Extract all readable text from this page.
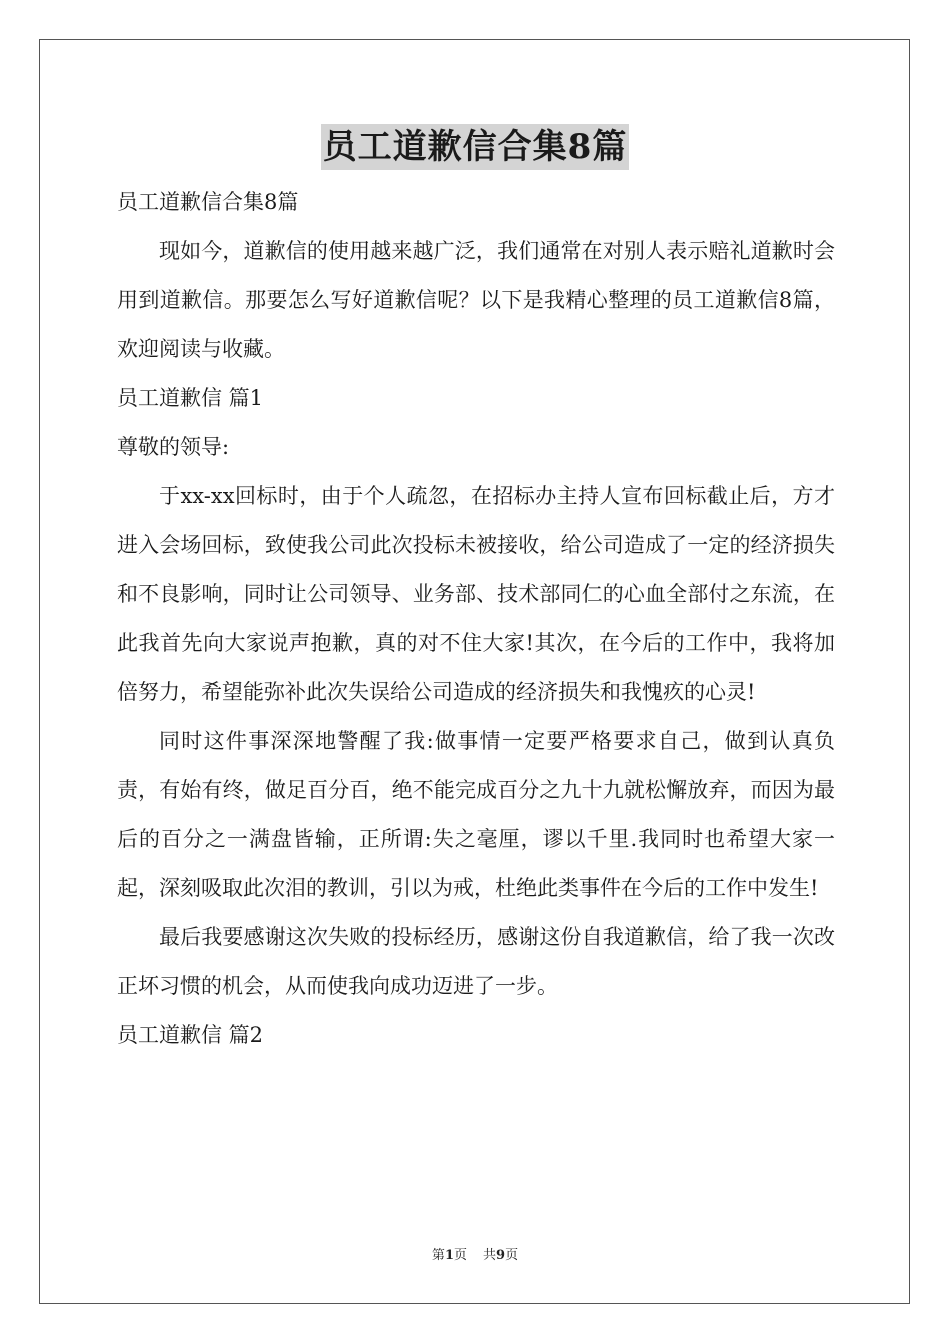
员工道歉信合集8篇

员工道歉信合集8篇

现如今，道歉信的使用越来越广泛，我们通常在对别人表示赔礼道歉时会用到道歉信。那要怎么写好道歉信呢？以下是我精心整理的员工道歉信8篇，欢迎阅读与收藏。

员工道歉信 篇1

尊敬的领导:

于xx-xx回标时，由于个人疏忽，在招标办主持人宣布回标截止后，方才进入会场回标，致使我公司此次投标未被接收，给公司造成了一定的经济损失和不良影响，同时让公司领导、业务部、技术部同仁的心血全部付之东流，在此我首先向大家说声抱歉，真的对不住大家!其次，在今后的工作中，我将加倍努力，希望能弥补此次失误给公司造成的经济损失和我愧疚的心灵!

同时这件事深深地警醒了我:做事情一定要严格要求自己，做到认真负责，有始有终，做足百分百，绝不能完成百分之九十九就松懈放弃，而因为最后的百分之一满盘皆输，正所谓:失之毫厘，谬以千里.我同时也希望大家一起，深刻吸取此次泪的教训，引以为戒，杜绝此类事件在今后的工作中发生!

最后我要感谢这次失败的投标经历，感谢这份自我道歉信，给了我一次改正坏习惯的机会，从而使我向成功迈进了一步。

员工道歉信 篇2

第1页 共9页
